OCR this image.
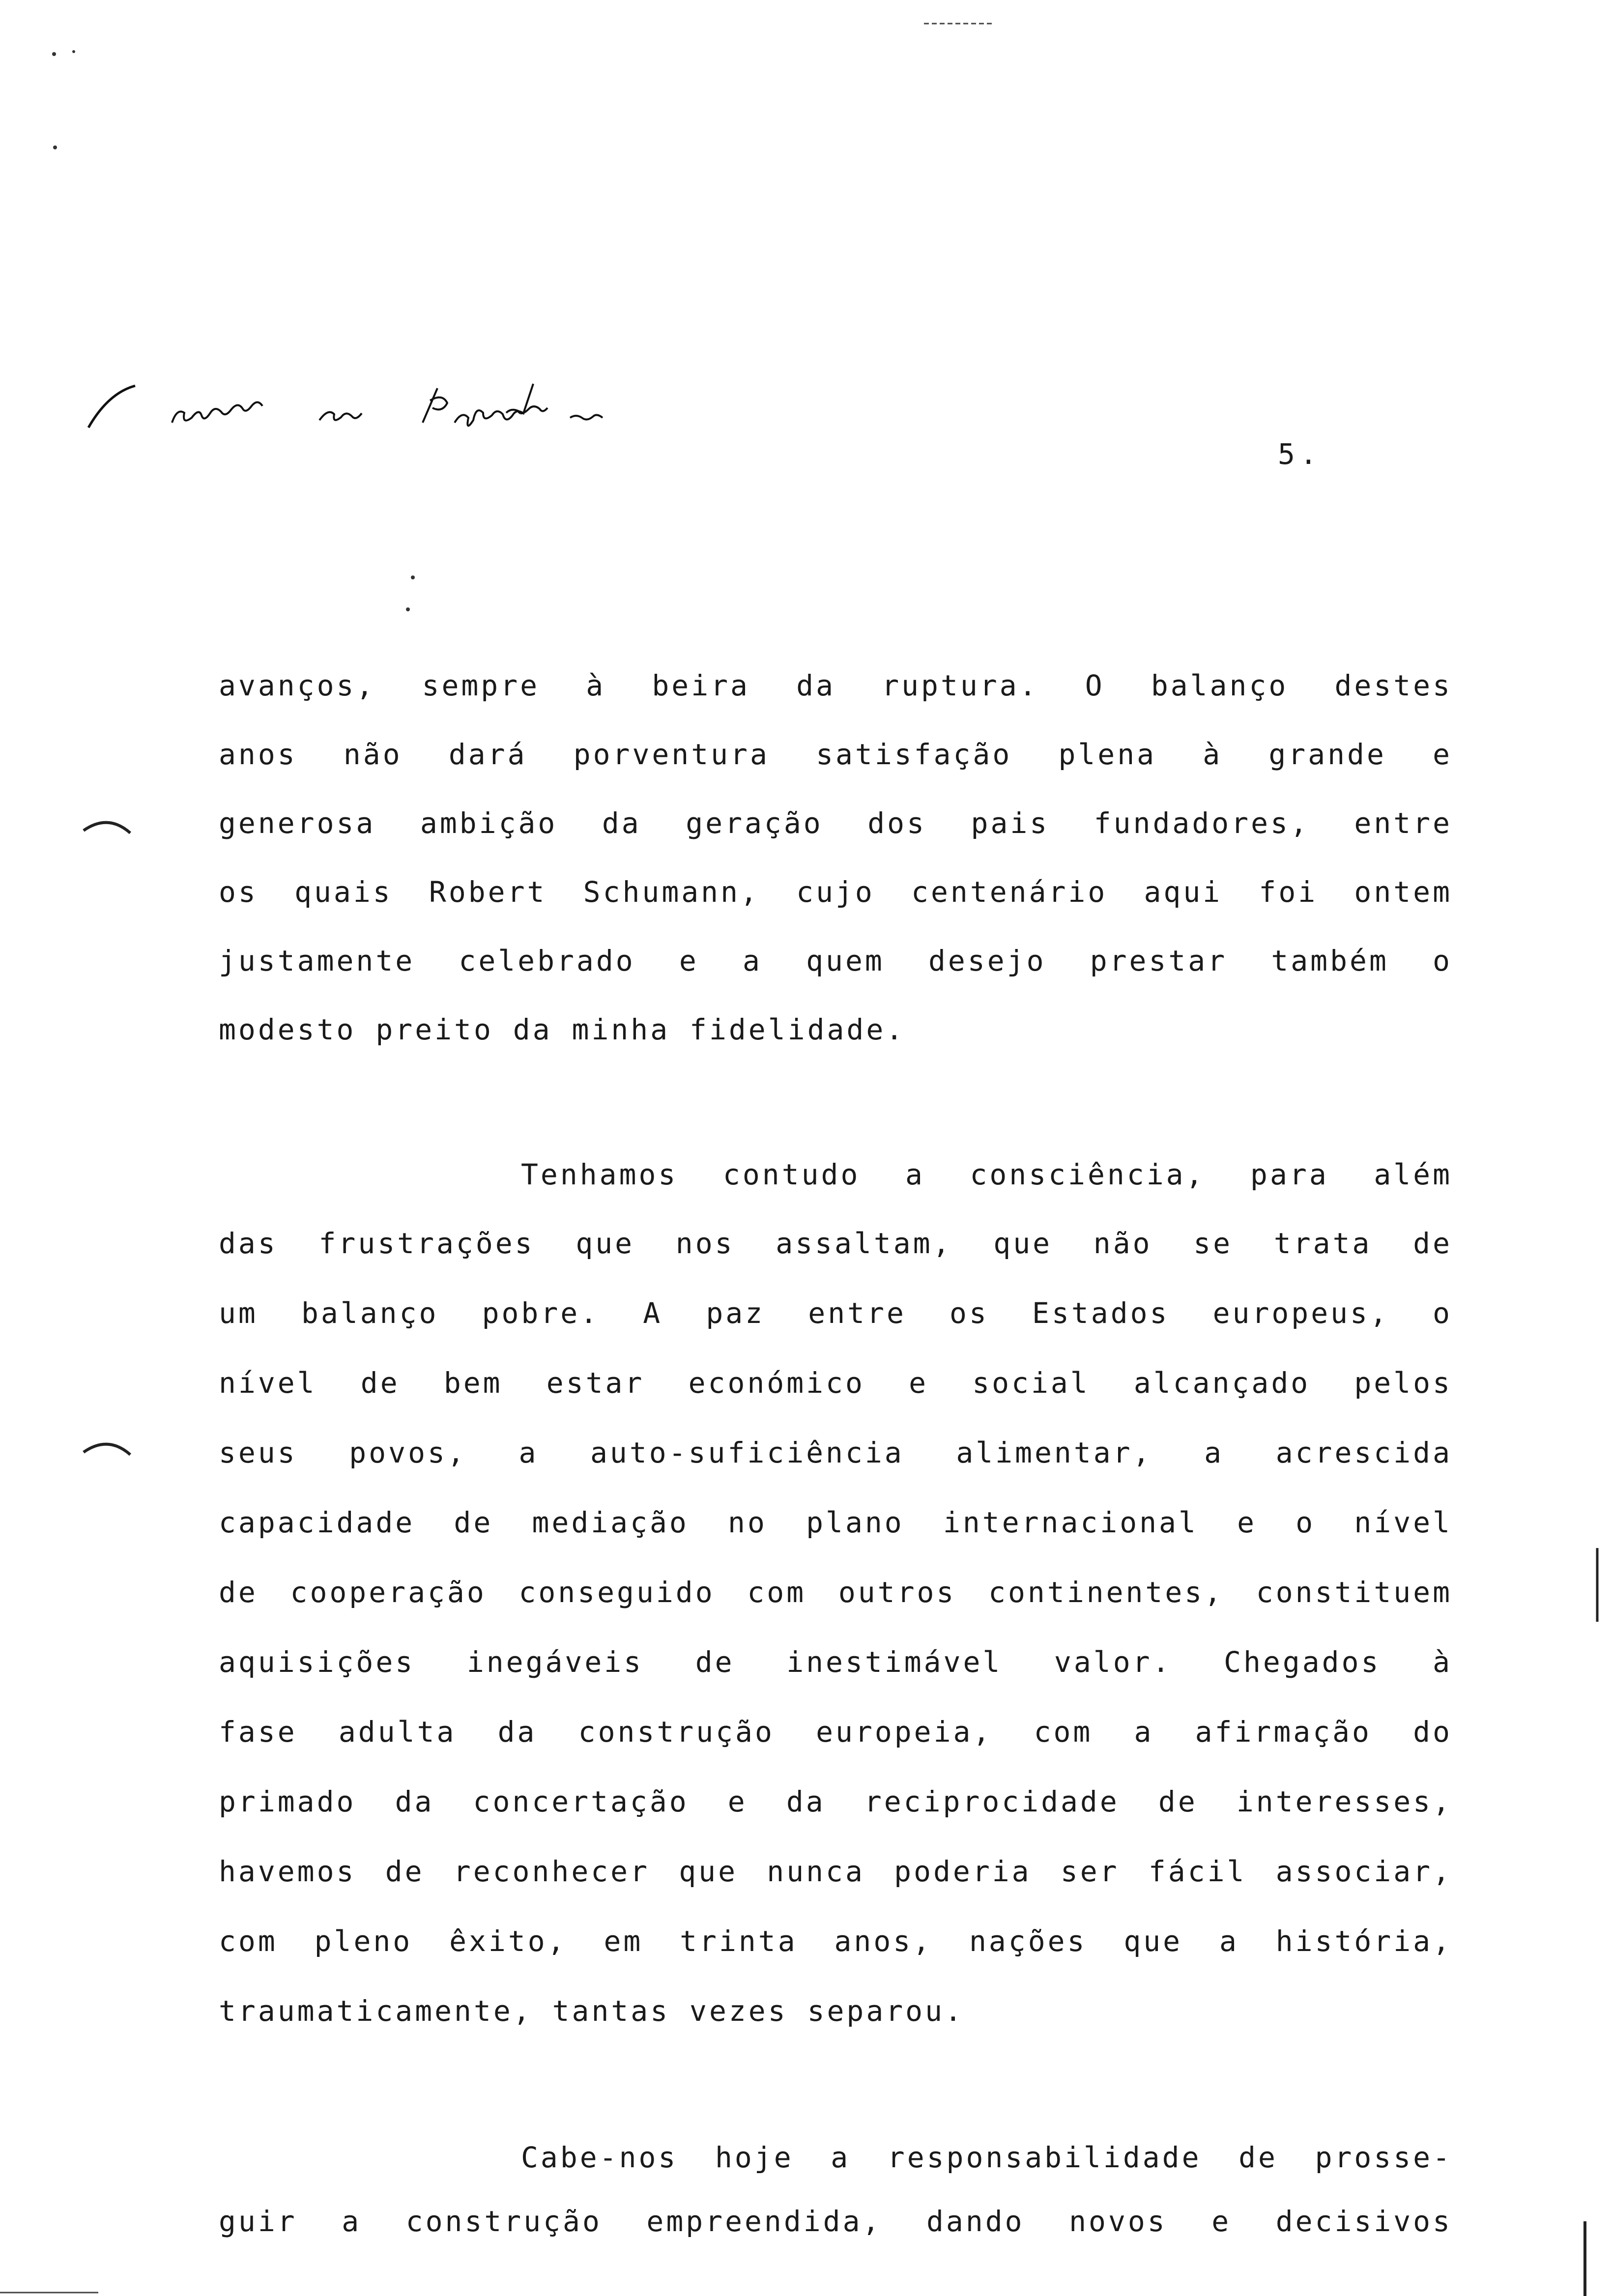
5.
avanços, sempre à beira da ruptura. O balanço destes
anos não dará porventura satisfação plena à grande e
generosa ambição da geração dos pais fundadores, entre
os quais Robert Schumann, cujo centenário aqui foi ontem
justamente celebrado e a quem desejo prestar também o
modesto preito da minha fidelidade.
Tenhamos contudo a consciência, para além
das frustrações que nos assaltam, que não se trata de
um balanço pobre. A paz entre os Estados europeus, o
nível de bem estar económico e social alcançado pelos
seus povos, a auto-suficiência alimentar, a acrescida
capacidade de mediação no plano internacional e o nível
de cooperação conseguido com outros continentes, constituem
aquisições inegáveis de inestimável valor. Chegados à
fase adulta da construção europeia, com a afirmação do
primado da concertação e da reciprocidade de interesses,
havemos de reconhecer que nunca poderia ser fácil associar,
com pleno êxito, em trinta anos, nações que a história,
traumaticamente, tantas vezes separou.
Cabe-nos hoje a responsabilidade de prosse-
guir a construção empreendida, dando novos e decisivos
